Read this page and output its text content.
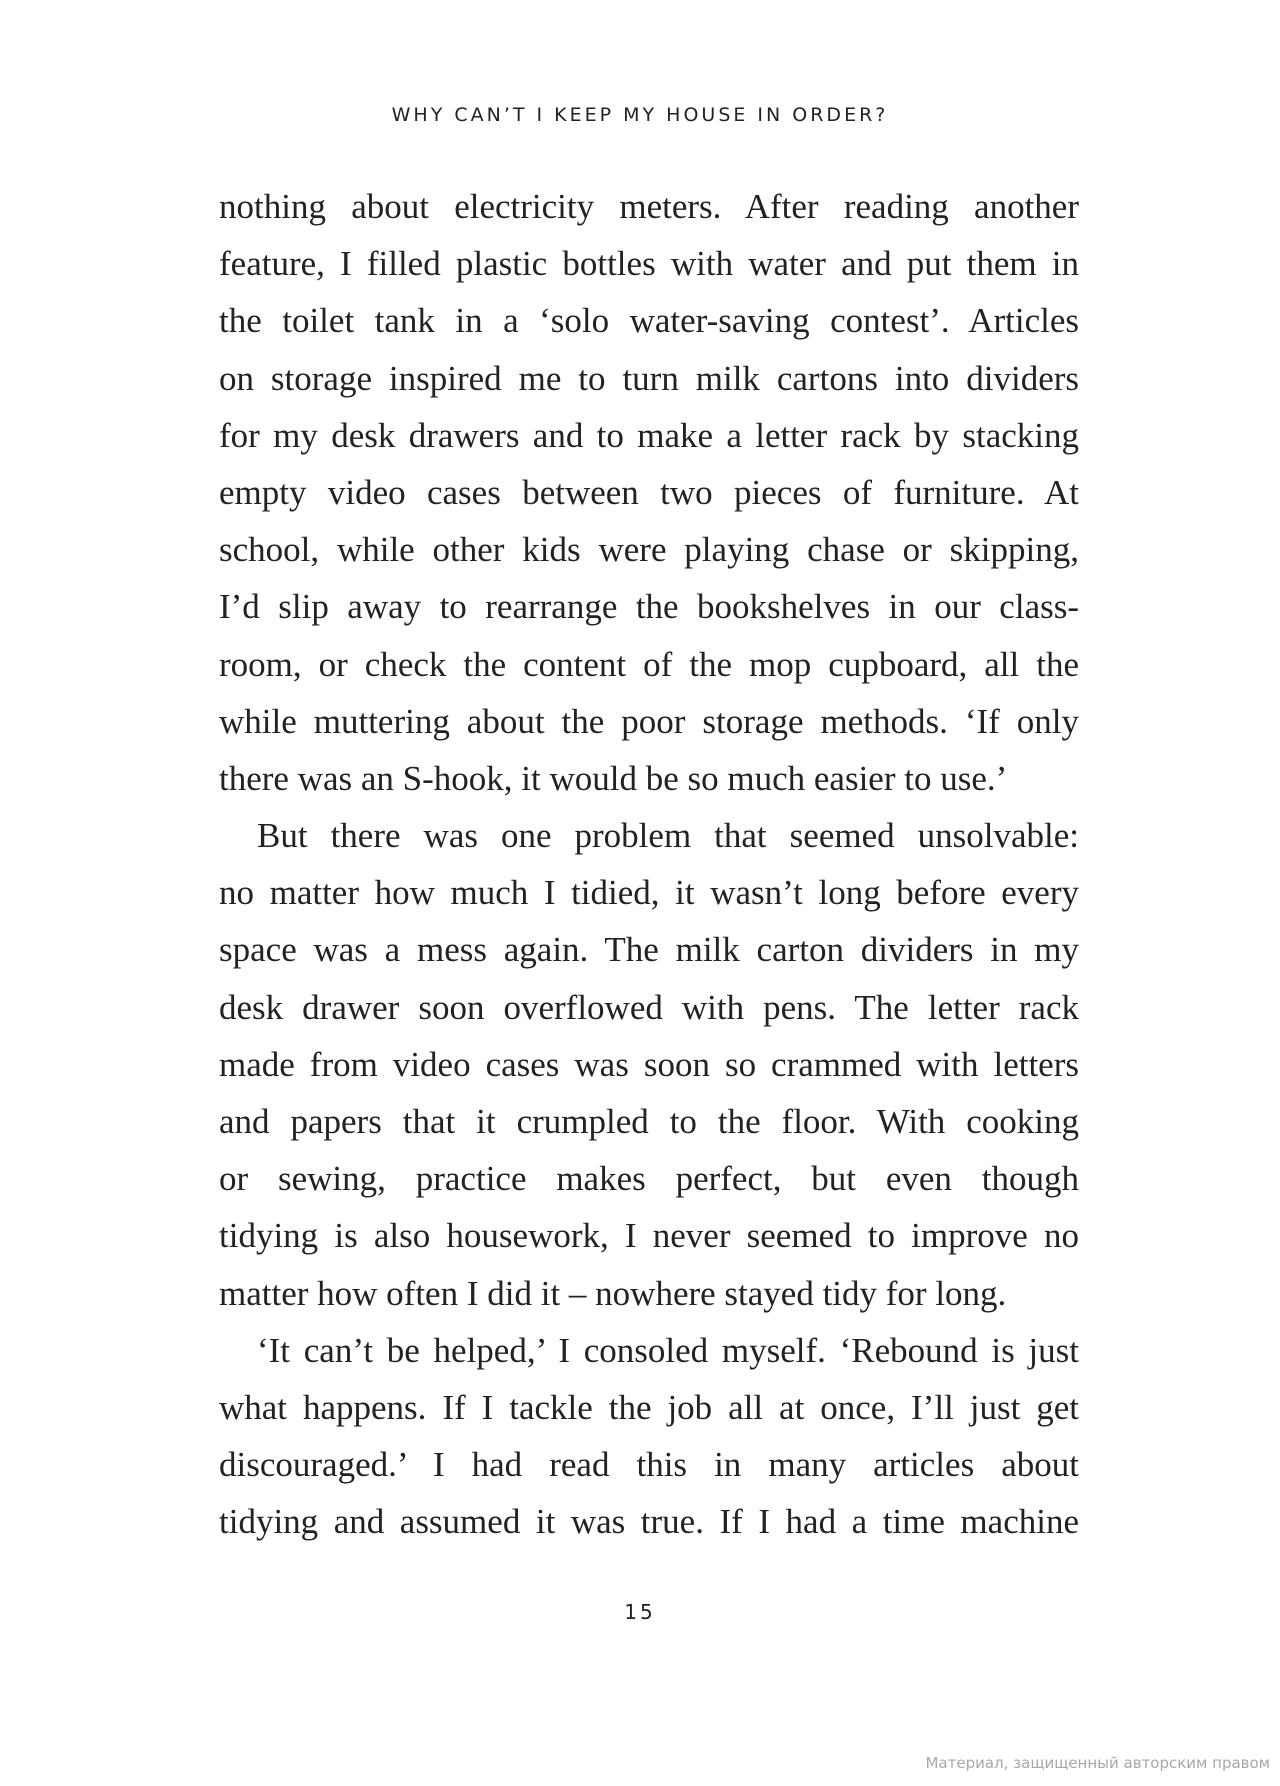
WHY CAN’T I KEEP MY HOUSE IN ORDER?
nothing about electricity meters. After reading another
feature, I filled plastic bottles with water and put them in
the toilet tank in a ‘solo water-saving contest’. Articles
on storage inspired me to turn milk cartons into dividers
for my desk drawers and to make a letter rack by stacking
empty video cases between two pieces of furniture. At
school, while other kids were playing chase or skipping,
I’d slip away to rearrange the bookshelves in our class-
room, or check the content of the mop cupboard, all the
while muttering about the poor storage methods. ‘If only
there was an S-hook, it would be so much easier to use.’
But there was one problem that seemed unsolvable:
no matter how much I tidied, it wasn’t long before every
space was a mess again. The milk carton dividers in my
desk drawer soon overflowed with pens. The letter rack
made from video cases was soon so crammed with letters
and papers that it crumpled to the floor. With cooking
or sewing, practice makes perfect, but even though
tidying is also housework, I never seemed to improve no
matter how often I did it – nowhere stayed tidy for long.
‘It can’t be helped,’ I consoled myself. ‘Rebound is just
what happens. If I tackle the job all at once, I’ll just get
discouraged.’ I had read this in many articles about
tidying and assumed it was true. If I had a time machine
15
Материал, защищенный авторским правом
